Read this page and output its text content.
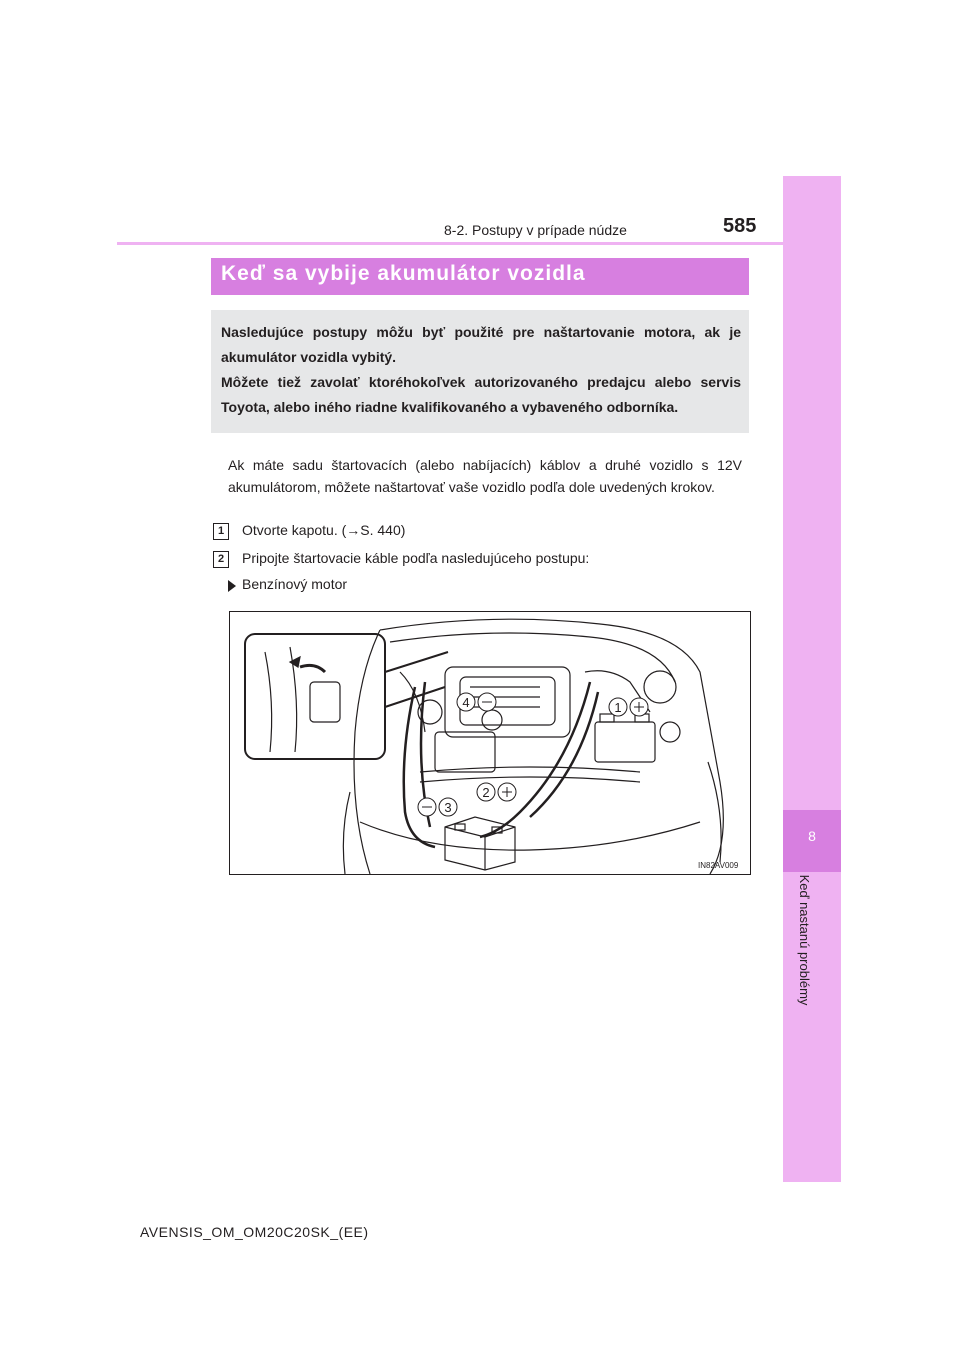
8
Keď nastanú problémy
8-2. Postupy v prípade núdze	585
Keď sa vybije akumulátor vozidla

Nasledujúce postupy môžu byť použité pre naštartovanie motora, ak je akumulátor vozidla vybitý.

Môžete tiež zavolať ktoréhokoľvek autorizovaného predajcu alebo servis Toyota, alebo iného riadne kvalifikovaného a vybaveného odborníka.

Ak máte sadu štartovacích (alebo nabíjacích) káblov a druhé vozidlo s 12V akumulátorom, môžete naštartovať vaše vozidlo podľa dole uvedených krokov.

1	Otvorte kapotu. (→S. 440)
2	Pripojte štartovacie káble podľa nasledujúceho postupu:
Benzínový motor
4	1
2
3
IN82AV009
AVENSIS_OM_OM20C20SK_(EE)
